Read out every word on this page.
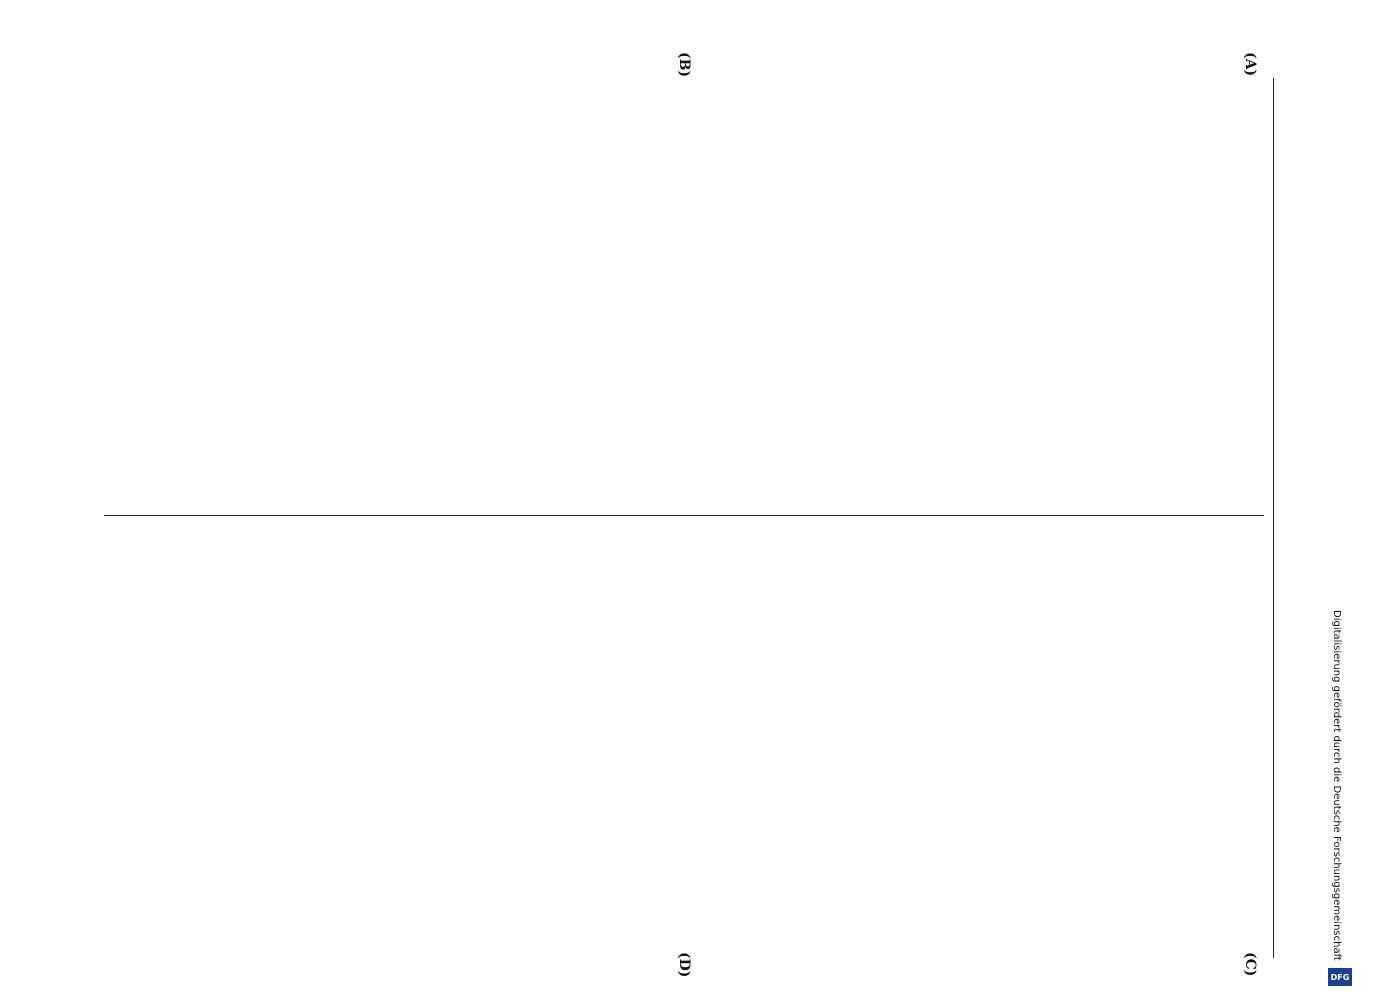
(A)
(B)
(C)
(D)

Digitalisierung gefördert durch die Deutsche Forschungsgemeinschaft
DFG
